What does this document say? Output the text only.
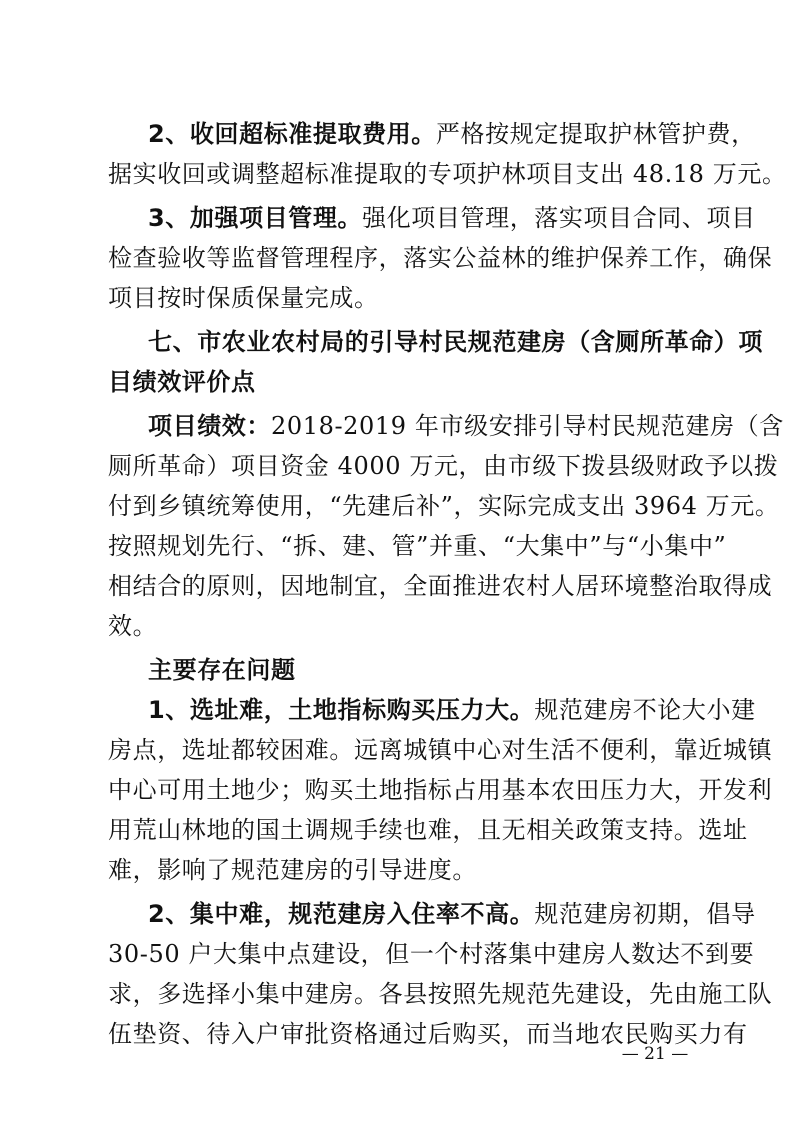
2、收回超标准提取费用。严格按规定提取护林管护费，
据实收回或调整超标准提取的专项护林项目支出 48.18 万元。
3、加强项目管理。强化项目管理，落实项目合同、项目
检查验收等监督管理程序，落实公益林的维护保养工作，确保
项目按时保质保量完成。
七、市农业农村局的引导村民规范建房（含厕所革命）项
目绩效评价点
项目绩效：2018-2019 年市级安排引导村民规范建房（含
厕所革命）项目资金 4000 万元，由市级下拨县级财政予以拨
付到乡镇统筹使用，“先建后补”，实际完成支出 3964 万元。
按照规划先行、“拆、建、管”并重、“大集中”与“小集中”
相结合的原则，因地制宜，全面推进农村人居环境整治取得成
效。
主要存在问题
1、选址难，土地指标购买压力大。规范建房不论大小建
房点，选址都较困难。远离城镇中心对生活不便利，靠近城镇
中心可用土地少；购买土地指标占用基本农田压力大，开发利
用荒山林地的国土调规手续也难，且无相关政策支持。选址
难，影响了规范建房的引导进度。
2、集中难，规范建房入住率不高。规范建房初期，倡导
30-50 户大集中点建设，但一个村落集中建房人数达不到要
求，多选择小集中建房。各县按照先规范先建设，先由施工队
伍垫资、待入户审批资格通过后购买，而当地农民购买力有
— 21 —
